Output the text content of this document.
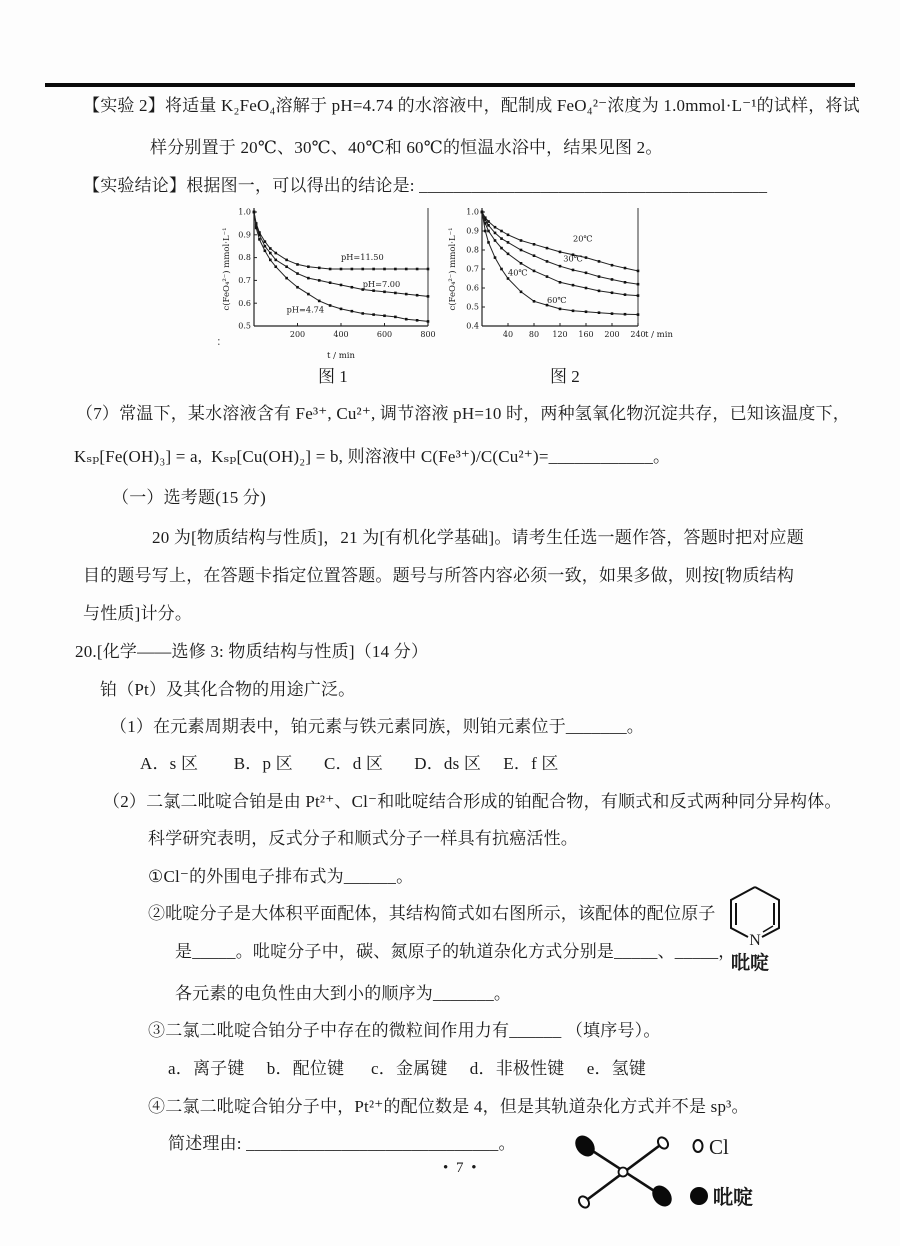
【实验 2】将适量 K₂FeO₄溶解于 pH=4.74 的水溶液中，配制成 FeO₄²⁻浓度为 1.0mmol·L⁻¹的试样，将试
样分别置于 20℃、30℃、40℃和 60℃的恒温水浴中，结果见图 2。
【实验结论】根据图一，可以得出的结论是: ________________________________________
1.0
0.9
0.8
0.7
0.6
0.5
200	400	600	800
c(FeO₄²⁻) mmol·L⁻¹
t / min
pH=11.50
pH=7.00
pH=4.74
1.0
0.9
0.8
0.7
0.6
0.5
0.4
40 80 120 160 200 240
c(FeO₄²⁻) mmol·L⁻¹
t / min
20℃
30℃
40℃
60℃
:
图 1	图 2
（7）常温下，某水溶液含有 Fe³⁺, Cu²⁺, 调节溶液 pH=10 时，两种氢氧化物沉淀共存，已知该温度下，
Kₛₚ[Fe(OH)₃] = a,  Kₛₚ[Cu(OH)₂] = b, 则溶液中 C(Fe³⁺)/C(Cu²⁺)=____________。
（一）选考题(15 分)
20 为[物质结构与性质]，21 为[有机化学基础]。请考生任选一题作答，答题时把对应题
目的题号写上，在答题卡指定位置答题。题号与所答内容必须一致，如果多做，则按[物质结构
与性质]计分。
20.[化学——选修 3: 物质结构与性质]（14 分）
铂（Pt）及其化合物的用途广泛。
（1）在元素周期表中，铂元素与铁元素同族，则铂元素位于_______。
A．s 区        B．p 区       C．d 区       D．ds 区     E．f 区
（2）二氯二吡啶合铂是由 Pt²⁺、Cl⁻和吡啶结合形成的铂配合物，有顺式和反式两种同分异构体。
科学研究表明，反式分子和顺式分子一样具有抗癌活性。
①Cl⁻的外围电子排布式为______。
②吡啶分子是大体积平面配体，其结构简式如右图所示，该配体的配位原子
是_____。吡啶分子中，碳、氮原子的轨道杂化方式分别是_____、_____，
各元素的电负性由大到小的顺序为_______。
③二氯二吡啶合铂分子中存在的微粒间作用力有______ （填序号）。
a．离子键     b．配位键      c．金属键     d．非极性键     e．氢键
④二氯二吡啶合铂分子中，Pt²⁺的配位数是 4，但是其轨道杂化方式并不是 sp³。
简述理由: _____________________________。
• 7 •
N
吡啶
Cl
吡啶
